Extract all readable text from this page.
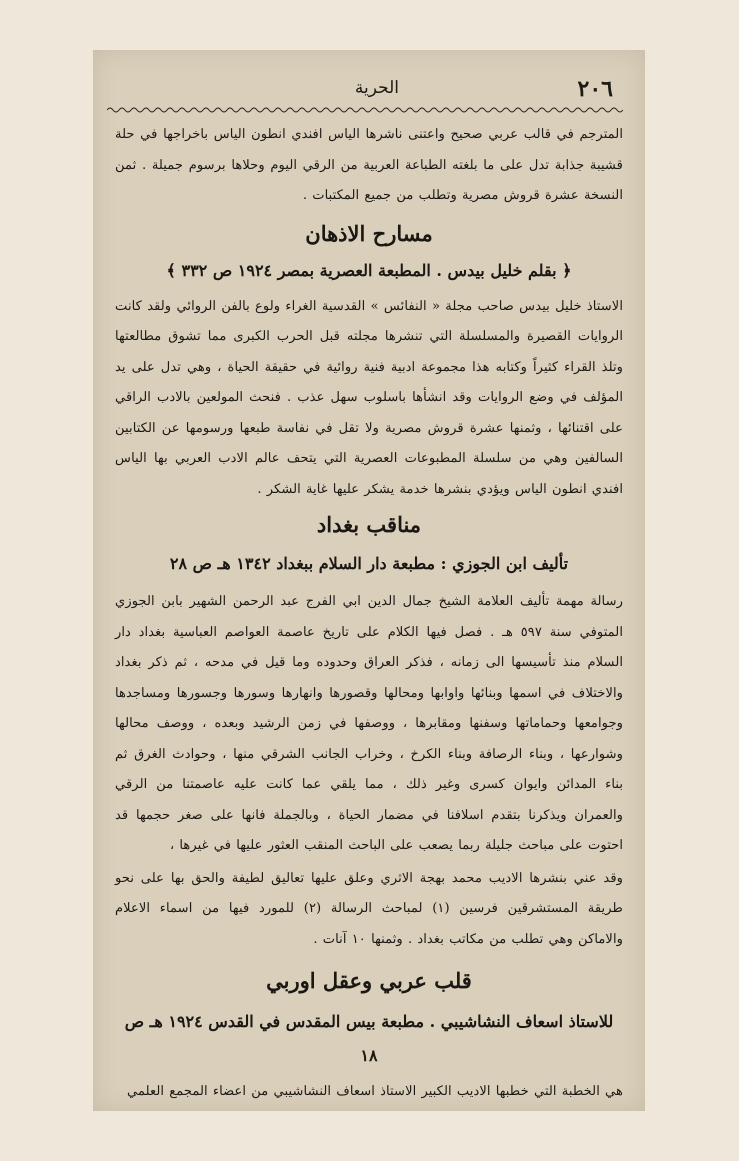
٢٠٦
الحرية

المترجم في قالب عربي صحيح واعتنى ناشرها الياس افندي انطون الياس باخراجها في حلة قشيبة جذابة تدل على ما بلغته الطباعة العربية من الرقي اليوم وحلاها برسوم جميلة . ثمن النسخة عشرة قروش مصرية وتطلب من جميع المكتبات .

مسارح الاذهان
﴿ بقلم خليل بيدس . المطبعة العصرية بمصر ١٩٢٤ ص ٣٣٢ ﴾

الاستاذ خليل بيدس صاحب مجلة « النفائس » القدسية الغراء ولوع بالفن الروائي ولقد كانت الروايات القصيرة والمسلسلة التي تنشرها مجلته قبل الحرب الكبرى مما تشوق مطالعتها وتلذ القراء كثيراً وكتابه هذا مجموعة ادبية فنية روائية في حقيقة الحياة ، وهي تدل على يد المؤلف في وضع الروايات وقد انشأها باسلوب سهل عذب . فنحث المولعين بالادب الراقي على اقتنائها ، وثمنها عشرة قروش مصرية ولا تقل في نفاسة طبعها ورسومها عن الكتابين السالفين وهي من سلسلة المطبوعات العصرية التي يتحف عالم الادب العربي بها الياس افندي انطون الياس ويؤدي بنشرها خدمة يشكر عليها غاية الشكر .

مناقب بغداد
تأليف ابن الجوزي : مطبعة دار السلام ببغداد ١٣٤٢ هـ ص ٢٨

رسالة مهمة تأليف العلامة الشيخ جمال الدين ابي الفرج عبد الرحمن الشهير بابن الجوزي المتوفي سنة ٥٩٧ هـ . فصل فيها الكلام على تاريخ عاصمة العواصم العباسية بغداد دار السلام منذ تأسيسها الى زمانه ، فذكر العراق وحدوده وما قيل في مدحه ، ثم ذكر بغداد والاختلاف في اسمها وبنائها واوابها ومحالها وقصورها وانهارها وسورها وجسورها ومساجدها وجوامعها وحماماتها وسفنها ومقابرها ، ووصفها في زمن الرشيد وبعده ، ووصف محالها وشوارعها ، وبناء الرصافة وبناء الكرخ ، وخراب الجانب الشرقي منها ، وحوادث الغرق ثم بناء المدائن وايوان كسرى وغير ذلك ، مما يلقي عما كانت عليه عاصمتنا من الرقي والعمران ويذكرنا بتقدم اسلافنا في مضمار الحياة ، وبالجملة فانها على صغر حجمها قد احتوت على مباحث جليلة ربما يصعب على الباحث المنقب العثور عليها في غيرها ،

وقد عني بنشرها الاديب محمد بهجة الاثري وعلق عليها تعاليق لطيفة والحق بها على نحو طريقة المستشرقين فرسين (١) لمباحث الرسالة (٢) للمورد فيها من اسماء الاعلام والاماكن وهي تطلب من مكاتب بغداد . وثمنها ١٠ آنات .

قلب عربي وعقل اوربي
للاستاذ اسعاف النشاشيبي . مطبعة بيس المقدس في القدس ١٩٢٤ هـ ص ١٨

هي الخطبة التي خطبها الاديب الكبير الاستاذ اسعاف النشاشيبي من اعضاء المجمع العلمي
